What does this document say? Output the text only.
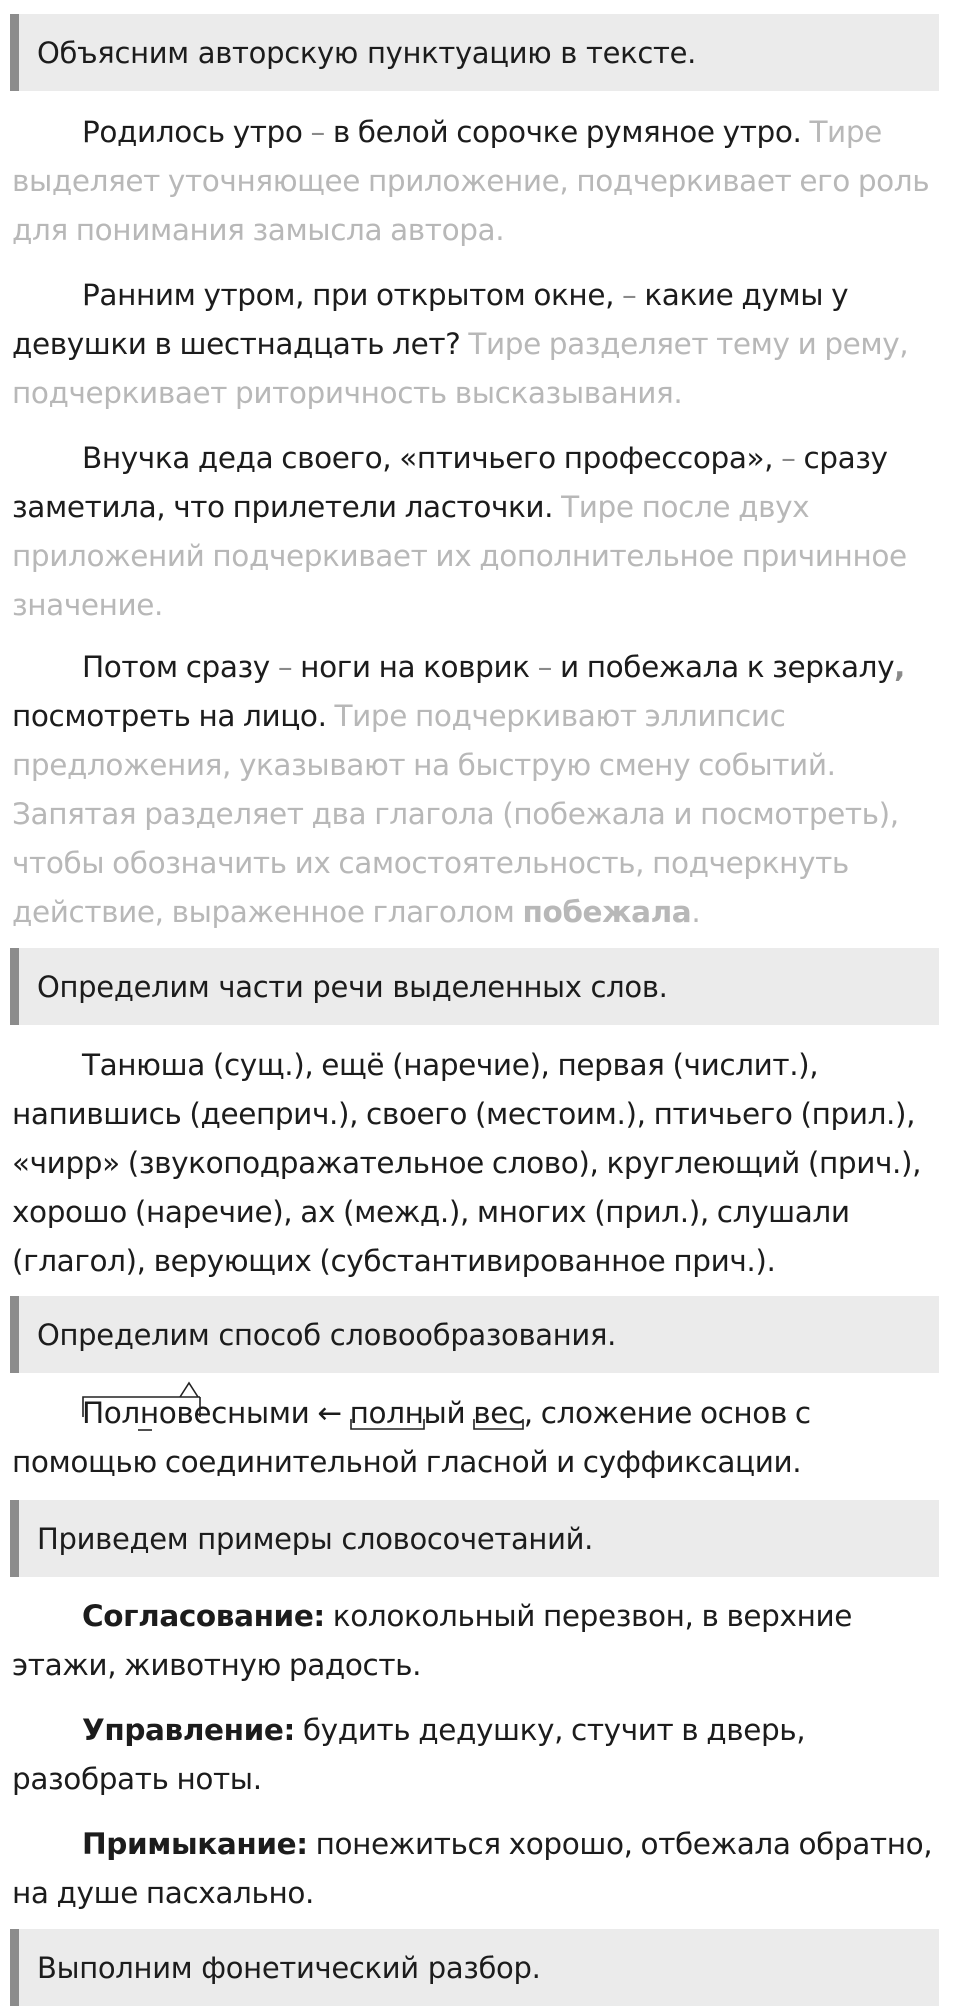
Объясним авторскую пунктуацию в тексте.
Родилось утро – в белой сорочке румяное утро. Тире
выделяет уточняющее приложение, подчеркивает его роль
для понимания замысла автора.
Ранним утром, при открытом окне, – какие думы у
девушки в шестнадцать лет? Тире разделяет тему и рему,
подчеркивает риторичность высказывания.
Внучка деда своего, «птичьего профессора», – сразу
заметила, что прилетели ласточки. Тире после двух
приложений подчеркивает их дополнительное причинное
значение.
Потом сразу – ноги на коврик – и побежала к зеркалу,
посмотреть на лицо. Тире подчеркивают эллипсис
предложения, указывают на быструю смену событий.
Запятая разделяет два глагола (побежала и посмотреть),
чтобы обозначить их самостоятельность, подчеркнуть
действие, выраженное глаголом побежала.
Определим части речи выделенных слов.
Танюша (сущ.), ещё (наречие), первая (числит.),
напившись (дееприч.), своего (местоим.), птичьего (прил.),
«чирр» (звукоподражательное слово), круглеющий (прич.),
хорошо (наречие), ах (межд.), многих (прил.), слушали
(глагол), верующих (субстантивированное прич.).
Определим способ словообразования.
Полновесными
← полный вес
, сложение основ с
помощью соединительной гласной и суффиксации.
Приведем примеры словосочетаний.
Согласование: колокольный перезвон, в верхние
этажи, животную радость.
Управление: будить дедушку, стучит в дверь,
разобрать ноты.
Примыкание: понежиться хорошо, отбежала обратно,
на душе пасхально.
Выполним фонетический разбор.
